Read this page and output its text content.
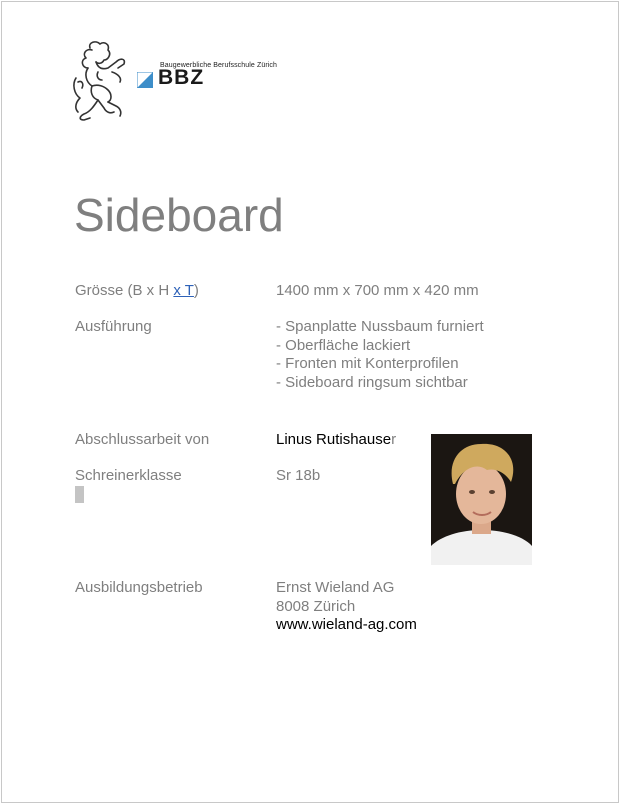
Baugewerbliche Berufsschule Zürich
BBZ
Sideboard
Grösse (B x H x T)	1400 mm x 700 mm x 420 mm
Ausführung	- Spanplatte Nussbaum furniert
- Oberfläche lackiert
- Fronten mit Konterprofilen
- Sideboard ringsum sichtbar
Abschlussarbeit von	Linus Rutishauser
Schreinerklasse	Sr 18b
Ausbildungsbetrieb	Ernst Wieland AG
8008 Zürich
www.wieland-ag.com
